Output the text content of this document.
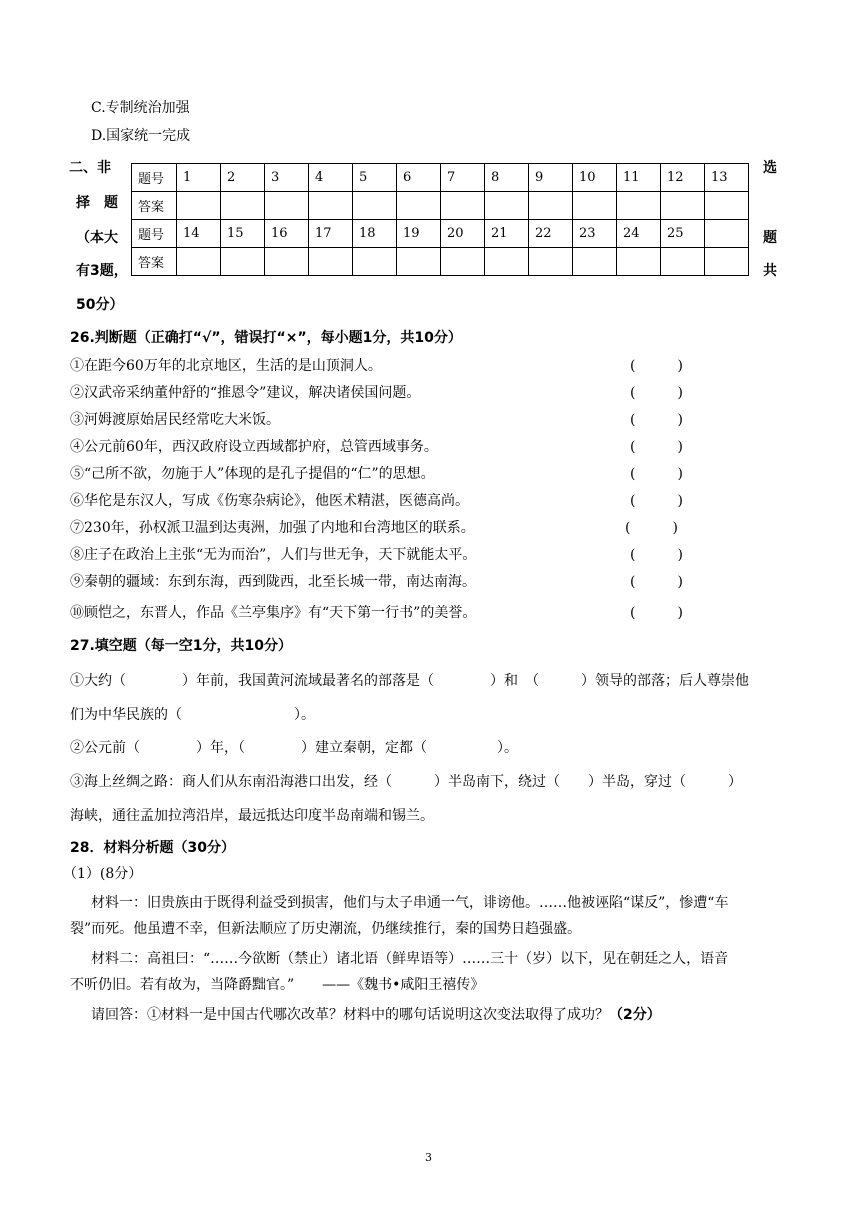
C.专制统治加强
D.国家统一完成
二、非
择　题
（本大
有3题，
选
题
共
50分）
题号	1	2	3	4	5	6	7	8	9	10	11	12	13
答案													
题号	14	15	16	17	18	19	20	21	22	23	24	25	
答案													
26.判断题（正确打“√”，错误打“×”，每小题1分，共10分）
①在距今60万年的北京地区，生活的是山顶洞人。	(　　　)
②汉武帝采纳董仲舒的“推恩令”建议，解决诸侯国问题。	(　　　)
③河姆渡原始居民经常吃大米饭。	(　　　)
④公元前60年，西汉政府设立西域都护府，总管西域事务。	(　　　)
⑤“己所不欲，勿施于人”体现的是孔子提倡的“仁”的思想。	(　　　)
⑥华佗是东汉人，写成《伤寒杂病论》，他医术精湛，医德高尚。	(　　　)
⑦230年，孙权派卫温到达夷洲，加强了内地和台湾地区的联系。	(　　　)
⑧庄子在政治上主张“无为而治”，人们与世无争，天下就能太平。	(　　　)
⑨秦朝的疆域：东到东海，西到陇西，北至长城一带，南达南海。	(　　　)
⑩顾恺之，东晋人，作品《兰亭集序》有“天下第一行书”的美誉。	(　　　)
27.填空题（每一空1分，共10分）
①大约（　　　　）年前，我国黄河流域最著名的部落是（　　　　）和　（　　　）领导的部落；后人尊崇他
们为中华民族的（　　　　　　　　）。
②公元前（　　　　）年，（　　　　）建立秦朝，定都（　　　　　）。
③海上丝绸之路：商人们从东南沿海港口出发，经（　　　）半岛南下，绕过（　　）半岛，穿过（　　　）
海峡，通往孟加拉湾沿岸，最远抵达印度半岛南端和锡兰。
28．材料分析题（30分）
（1）(8分）
材料一：旧贵族由于既得利益受到损害，他们与太子串通一气，诽谤他。……他被诬陷“谋反”，惨遭“车
裂”而死。他虽遭不幸，但新法顺应了历史潮流，仍继续推行，秦的国势日趋强盛。
材料二：高祖曰：“……今欲断（禁止）诸北语（鲜卑语等）……三十（岁）以下，见在朝廷之人，语音
不听仍旧。若有故为，当降爵黜官。”　　——《魏书•咸阳王禧传》
请回答：①材料一是中国古代哪次改革？材料中的哪句话说明这次变法取得了成功？（2分）
3
